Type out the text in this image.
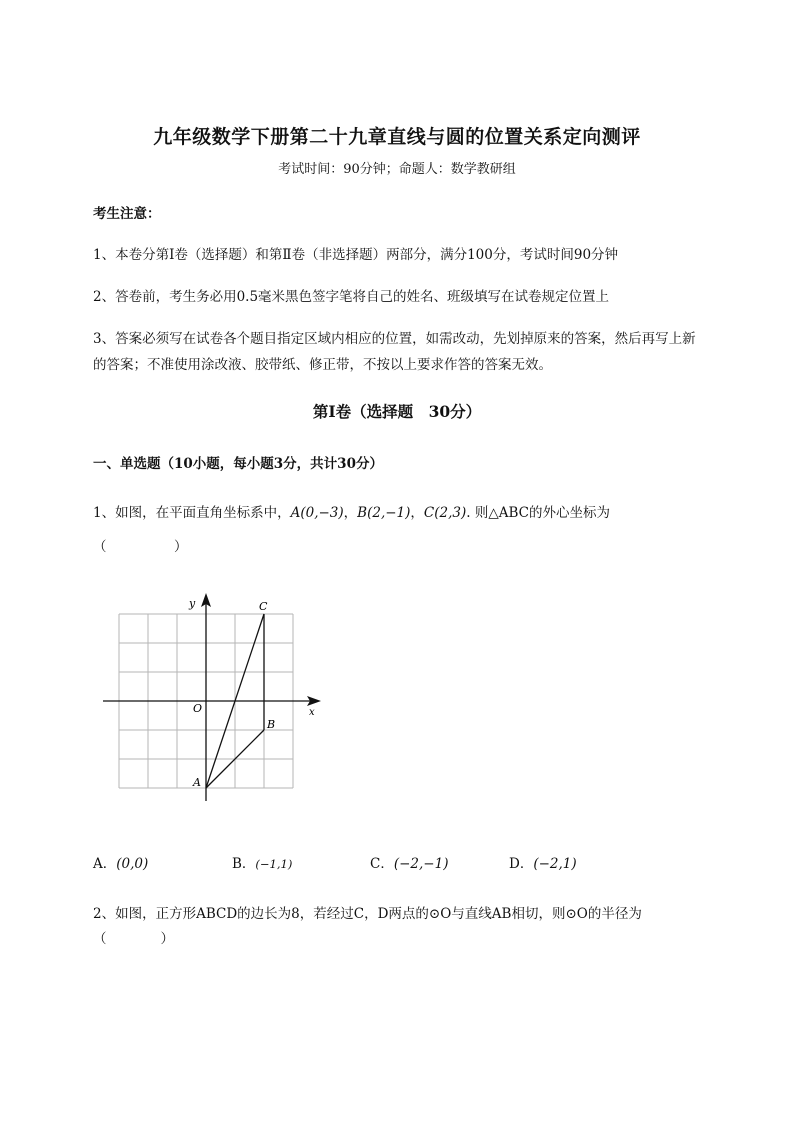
九年级数学下册第二十九章直线与圆的位置关系定向测评
考试时间：90分钟；命题人：数学教研组
考生注意：
1、本卷分第Ⅰ卷（选择题）和第Ⅱ卷（非选择题）两部分，满分100分，考试时间90分钟
2、答卷前，考生务必用0.5毫米黑色签字笔将自己的姓名、班级填写在试卷规定位置上
3、答案必须写在试卷各个题目指定区域内相应的位置，如需改动，先划掉原来的答案，然后再写上新
的答案；不准使用涂改液、胶带纸、修正带，不按以上要求作答的答案无效。
第Ⅰ卷（选择题　30分）
一、单选题（10小题，每小题3分，共计30分）
1、如图，在平面直角坐标系中，A(0,−3)，B(2,−1)，C(2,3). 则△ABC的外心坐标为
（　　　　　）
x
y
O
A
B
C
A．(0,0)	B．(−1,1)	C．(−2,−1)	D．(−2,1)
2、如图，正方形ABCD的边长为8，若经过C，D两点的⊙O与直线AB相切，则⊙O的半径为
（　　　　）
